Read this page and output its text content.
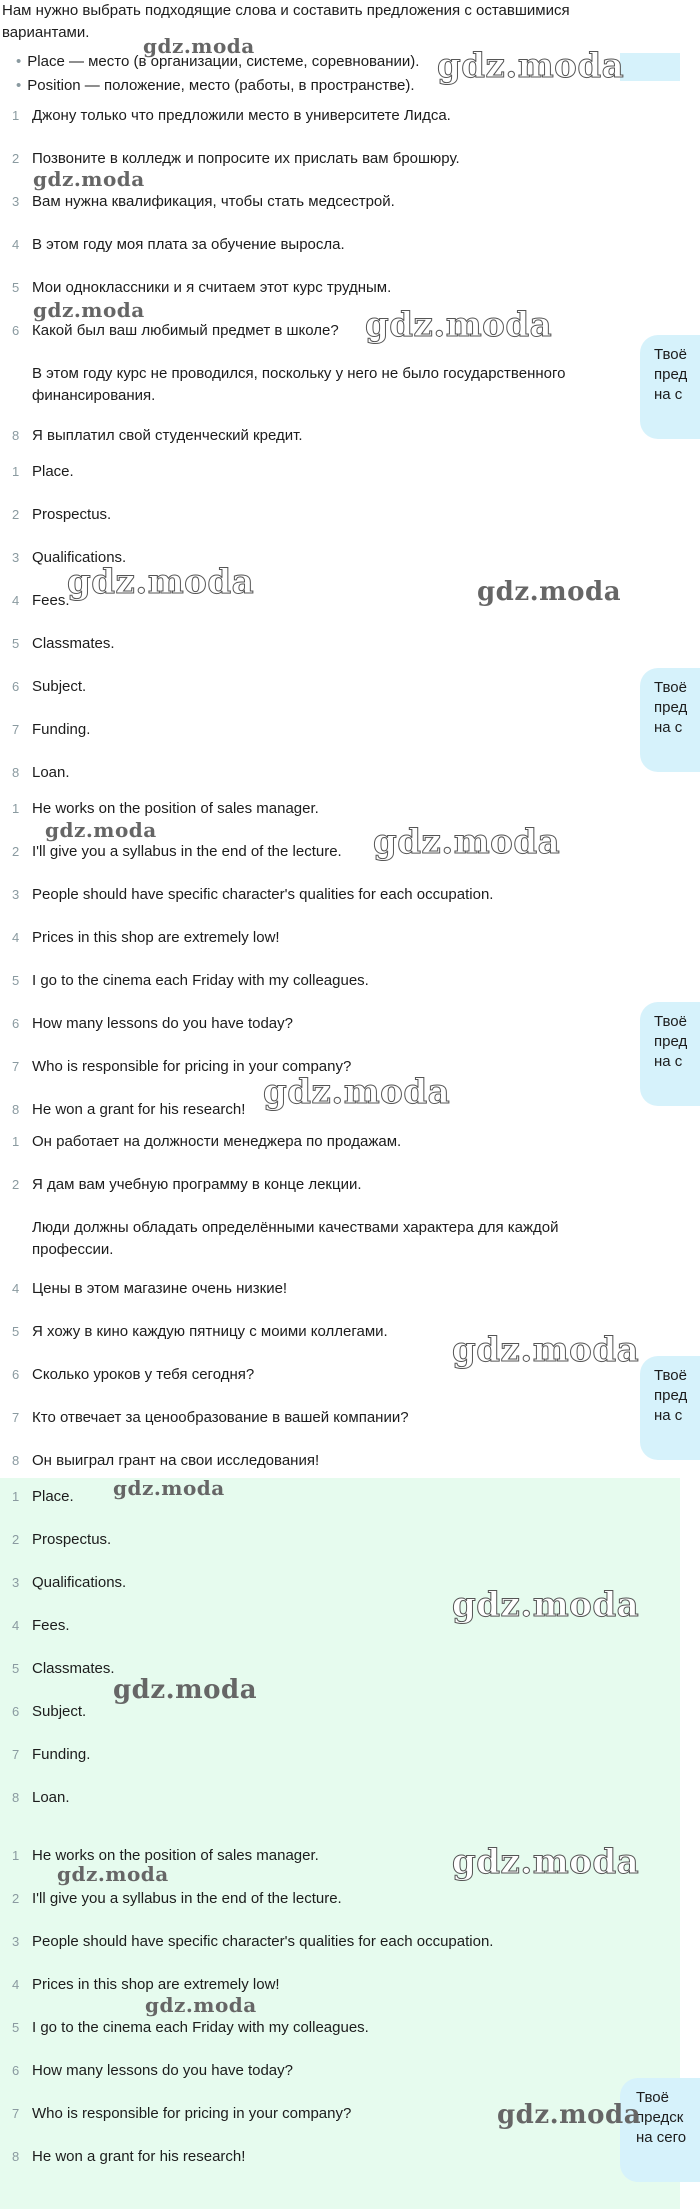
Нам нужно выбрать подходящие слова и составить предложения с оставшимися вариантами.
• Place — место (в организации, системе, соревновании).
• Position — положение, место (работы, в пространстве).
1 Джону только что предложили место в университете Лидса.
2 Позвоните в колледж и попросите их прислать вам брошюру.
3 Вам нужна квалификация, чтобы стать медсестрой.
4 В этом году моя плата за обучение выросла.
5 Мои одноклассники и я считаем этот курс трудным.
6 Какой был ваш любимый предмет в школе?
В этом году курс не проводился, поскольку у него не было государственного финансирования.
8 Я выплатил свой студенческий кредит.
1 Place.
2 Prospectus.
3 Qualifications.
4 Fees.
5 Classmates.
6 Subject.
7 Funding.
8 Loan.
1 He works on the position of sales manager.
2 I'll give you a syllabus in the end of the lecture.
3 People should have specific character's qualities for each occupation.
4 Prices in this shop are extremely low!
5 I go to the cinema each Friday with my colleagues.
6 How many lessons do you have today?
7 Who is responsible for pricing in your company?
8 He won a grant for his research!
1 Он работает на должности менеджера по продажам.
2 Я дам вам учебную программу в конце лекции.
Люди должны обладать определёнными качествами характера для каждой профессии.
4 Цены в этом магазине очень низкие!
5 Я хожу в кино каждую пятницу с моими коллегами.
6 Сколько уроков у тебя сегодня?
7 Кто отвечает за ценообразование в вашей компании?
8 Он выиграл грант на свои исследования!
1 Place.
2 Prospectus.
3 Qualifications.
4 Fees.
5 Classmates.
6 Subject.
7 Funding.
8 Loan.
1 He works on the position of sales manager.
2 I'll give you a syllabus in the end of the lecture.
3 People should have specific character's qualities for each occupation.
4 Prices in this shop are extremely low!
5 I go to the cinema each Friday with my colleagues.
6 How many lessons do you have today?
7 Who is responsible for pricing in your company?
8 He won a grant for his research!
Твоё
пред
на с
Твоё
пред
на с
Твоё
пред
на с
Твоё
пред
на с
Твоё
предск
на сего
gdz.moda	gdz.moda
gdz.moda
gdz.moda	gdz.moda
gdz.moda	gdz.moda
gdz.moda	gdz.moda
gdz.moda
gdz.moda
gdz.moda
gdz.moda
gdz.moda
gdz.moda
gdz.moda
gdz.moda
gdz.moda
